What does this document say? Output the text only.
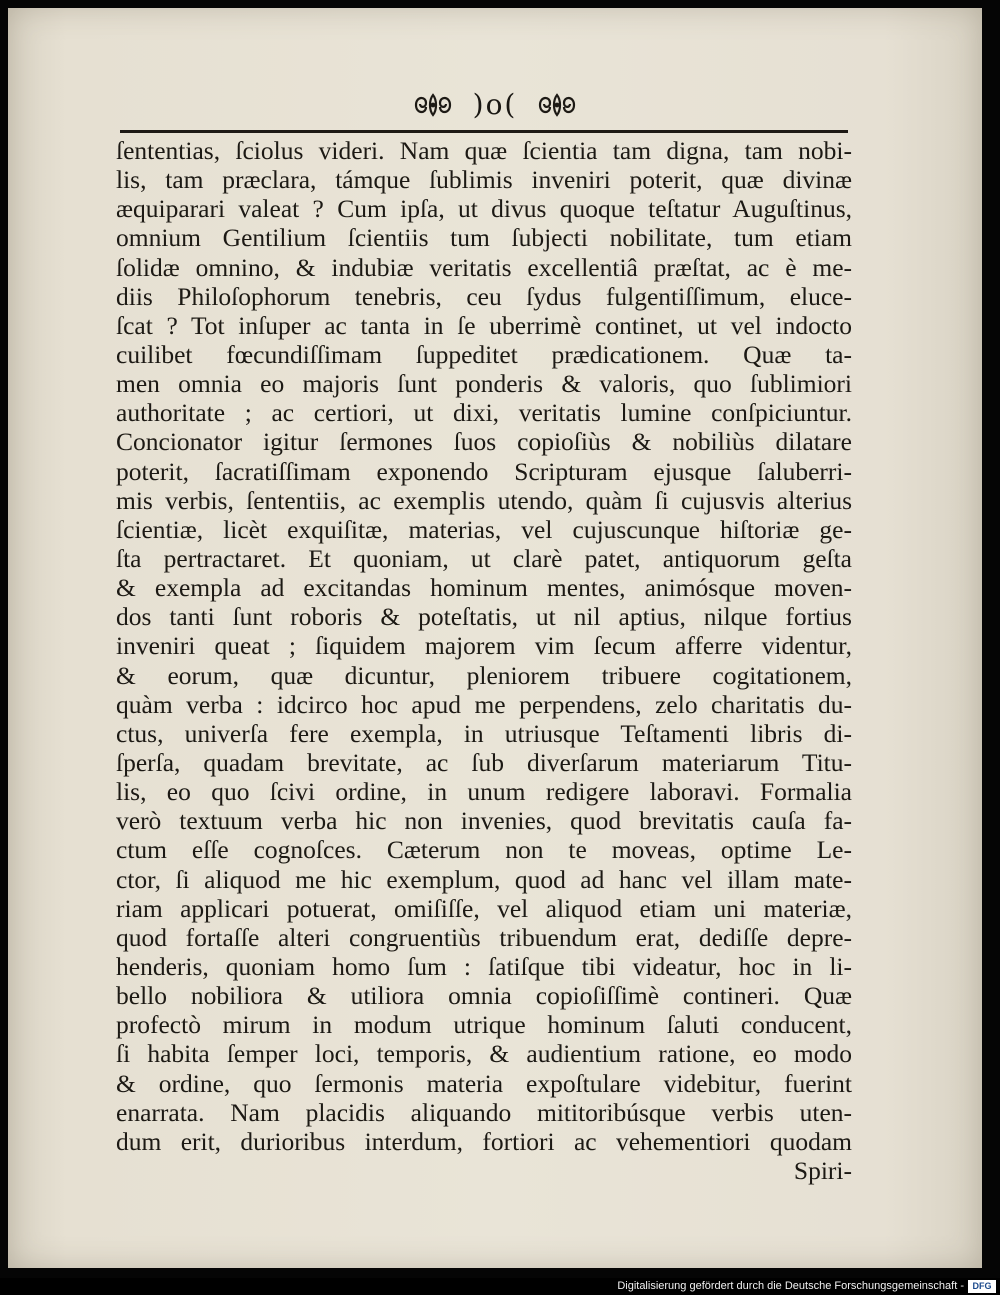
)o(
ſententias, ſciolus videri. Nam quæ ſcientia tam digna, tam nobi-
lis, tam præclara, támque ſublimis inveniri poterit, quæ divinæ
æquiparari valeat ? Cum ipſa, ut divus quoque teſtatur Auguſtinus,
omnium Gentilium ſcientiis tum ſubjecti nobilitate, tum etiam
ſolidæ omnino, & indubiæ veritatis excellentiâ præſtat, ac è me-
diis Philoſophorum tenebris, ceu ſydus fulgentiſſimum, eluce-
ſcat ? Tot inſuper ac tanta in ſe uberrimè continet, ut vel indocto
cuilibet fœcundiſſimam ſuppeditet prædicationem. Quæ ta-
men omnia eo majoris ſunt ponderis & valoris, quo ſublimiori
authoritate ; ac certiori, ut dixi, veritatis lumine conſpiciuntur.
Concionator igitur ſermones ſuos copioſiùs & nobiliùs dilatare
poterit, ſacratiſſimam exponendo Scripturam ejusque ſaluberri-
mis verbis, ſententiis, ac exemplis utendo, quàm ſi cujusvis alterius
ſcientiæ, licèt exquiſitæ, materias, vel cujuscunque hiſtoriæ ge-
ſta pertractaret. Et quoniam, ut clarè patet, antiquorum geſta
& exempla ad excitandas hominum mentes, animósque moven-
dos tanti ſunt roboris & poteſtatis, ut nil aptius, nilque fortius
inveniri queat ; ſiquidem majorem vim ſecum afferre videntur,
& eorum, quæ dicuntur, pleniorem tribuere cogitationem,
quàm verba : idcirco hoc apud me perpendens, zelo charitatis du-
ctus, univerſa fere exempla, in utriusque Teſtamenti libris di-
ſperſa, quadam brevitate, ac ſub diverſarum materiarum Titu-
lis, eo quo ſcivi ordine, in unum redigere laboravi. Formalia
verò textuum verba hic non invenies, quod brevitatis cauſa fa-
ctum eſſe cognoſces. Cæterum non te moveas, optime Le-
ctor, ſi aliquod me hic exemplum, quod ad hanc vel illam mate-
riam applicari potuerat, omiſiſſe, vel aliquod etiam uni materiæ,
quod fortaſſe alteri congruentiùs tribuendum erat, dediſſe depre-
henderis, quoniam homo ſum : ſatiſque tibi videatur, hoc in li-
bello nobiliora & utiliora omnia copioſiſſimè contineri. Quæ
profectò mirum in modum utrique hominum ſaluti conducent,
ſi habita ſemper loci, temporis, & audientium ratione, eo modo
& ordine, quo ſermonis materia expoſtulare videbitur, fuerint
enarrata. Nam placidis aliquando mititoribúsque verbis uten-
dum erit, durioribus interdum, fortiori ac vehementiori quodam
Spiri-
Digitalisierung gefördert durch die Deutsche Forschungsgemeinschaft - DFG
